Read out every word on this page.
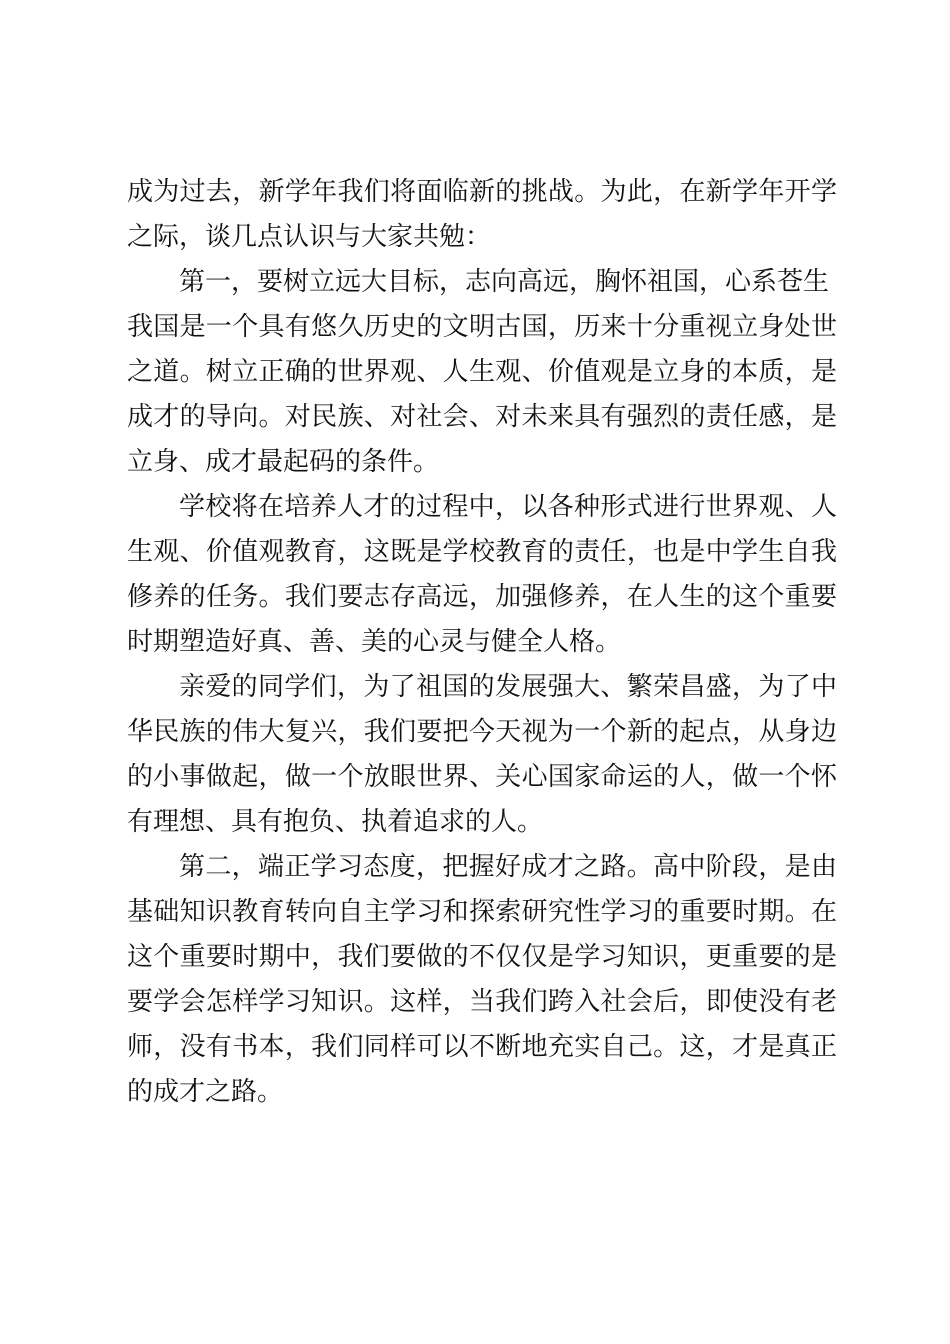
成为过去，新学年我们将面临新的挑战。为此，在新学年开学
之际，谈几点认识与大家共勉：
第一，要树立远大目标，志向高远，胸怀祖国，心系苍生
我国是一个具有悠久历史的文明古国，历来十分重视立身处世
之道。树立正确的世界观、人生观、价值观是立身的本质，是
成才的导向。对民族、对社会、对未来具有强烈的责任感，是
立身、成才最起码的条件。
学校将在培养人才的过程中，以各种形式进行世界观、人
生观、价值观教育，这既是学校教育的责任，也是中学生自我
修养的任务。我们要志存高远，加强修养，在人生的这个重要
时期塑造好真、善、美的心灵与健全人格。
亲爱的同学们，为了祖国的发展强大、繁荣昌盛，为了中
华民族的伟大复兴，我们要把今天视为一个新的起点，从身边
的小事做起，做一个放眼世界、关心国家命运的人，做一个怀
有理想、具有抱负、执着追求的人。
第二，端正学习态度，把握好成才之路。高中阶段，是由
基础知识教育转向自主学习和探索研究性学习的重要时期。在
这个重要时期中，我们要做的不仅仅是学习知识，更重要的是
要学会怎样学习知识。这样，当我们跨入社会后，即使没有老
师，没有书本，我们同样可以不断地充实自己。这，才是真正
的成才之路。
